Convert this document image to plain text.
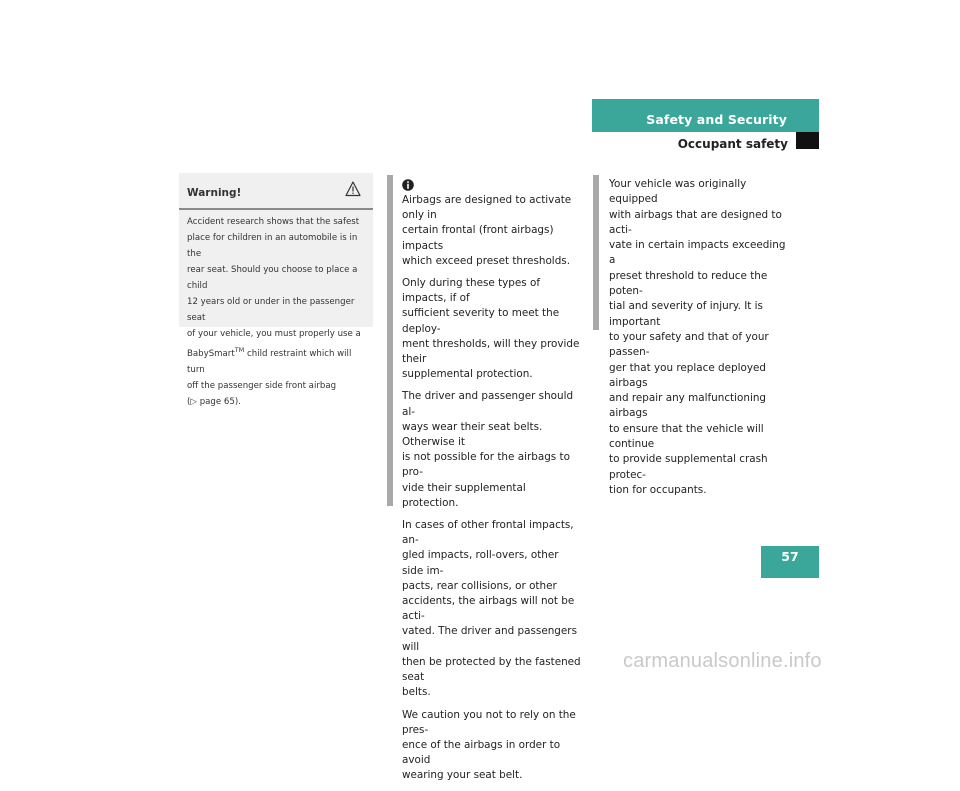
Safety and Security
Occupant safety
Warning!

Accident research shows that the safest

place for children in an automobile is in the

rear seat. Should you choose to place a child

12 years old or under in the passenger seat

of your vehicle, you must properly use a

BabySmart™ child restraint which will turn

off the passenger side front airbag

(▷ page 65).

Airbags are designed to activate only in
certain frontal (front airbags) impacts
which exceed preset thresholds.

Only during these types of impacts, if of
sufficient severity to meet the deploy-
ment thresholds, will they provide their
supplemental protection.

The driver and passenger should al-
ways wear their seat belts. Otherwise it
is not possible for the airbags to pro-
vide their supplemental protection.

In cases of other frontal impacts, an-
gled impacts, roll-overs, other side im-
pacts, rear collisions, or other
accidents, the airbags will not be acti-
vated. The driver and passengers will
then be protected by the fastened seat
belts.

We caution you not to rely on the pres-
ence of the airbags in order to avoid
wearing your seat belt.

Your vehicle was originally equipped
with airbags that are designed to acti-
vate in certain impacts exceeding a
preset threshold to reduce the poten-
tial and severity of injury. It is important
to your safety and that of your passen-
ger that you replace deployed airbags
and repair any malfunctioning airbags
to ensure that the vehicle will continue
to provide supplemental crash protec-
tion for occupants.

57
carmanualsonline.info
